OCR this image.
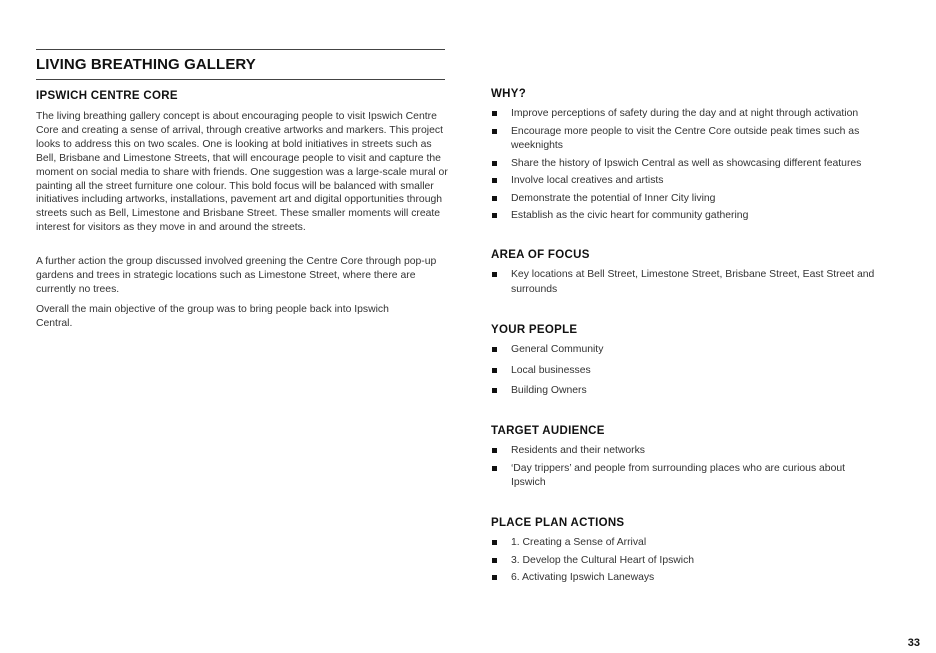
LIVING BREATHING GALLERY
IPSWICH CENTRE CORE

The living breathing gallery concept is about encouraging people to visit Ipswich Centre Core and creating a sense of arrival, through creative artworks and markers. This project looks to address this on two scales. One is looking at bold initiatives in streets such as Bell, Brisbane and Limestone Streets, that will encourage people to visit and capture the moment on social media to share with friends. One suggestion was a large-scale mural or painting all the street furniture one colour. This bold focus will be balanced with smaller initiatives including artworks, installations, pavement art and digital opportunities through streets such as Bell, Limestone and Brisbane Street. These smaller moments will create interest for visitors as they move in and around the streets.

A further action the group discussed involved greening the Centre Core through pop-up gardens and trees in strategic locations such as Limestone Street, where there are currently no trees.

Overall the main objective of the group was to bring people back into Ipswich Central.

WHY?
Improve perceptions of safety during the day and at night through activation
Encourage more people to visit the Centre Core outside peak times such as weeknights
Share the history of Ipswich Central as well as showcasing different features
Involve local creatives and artists
Demonstrate the potential of Inner City living
Establish as the civic heart for community gathering
AREA OF FOCUS
Key locations at Bell Street, Limestone Street, Brisbane Street, East Street and surrounds
YOUR PEOPLE
General Community
Local businesses
Building Owners
TARGET AUDIENCE
Residents and their networks
‘Day trippers’ and people from surrounding places who are curious about Ipswich
PLACE PLAN ACTIONS
1. Creating a Sense of Arrival
3. Develop the Cultural Heart of Ipswich
6. Activating Ipswich Laneways
33
